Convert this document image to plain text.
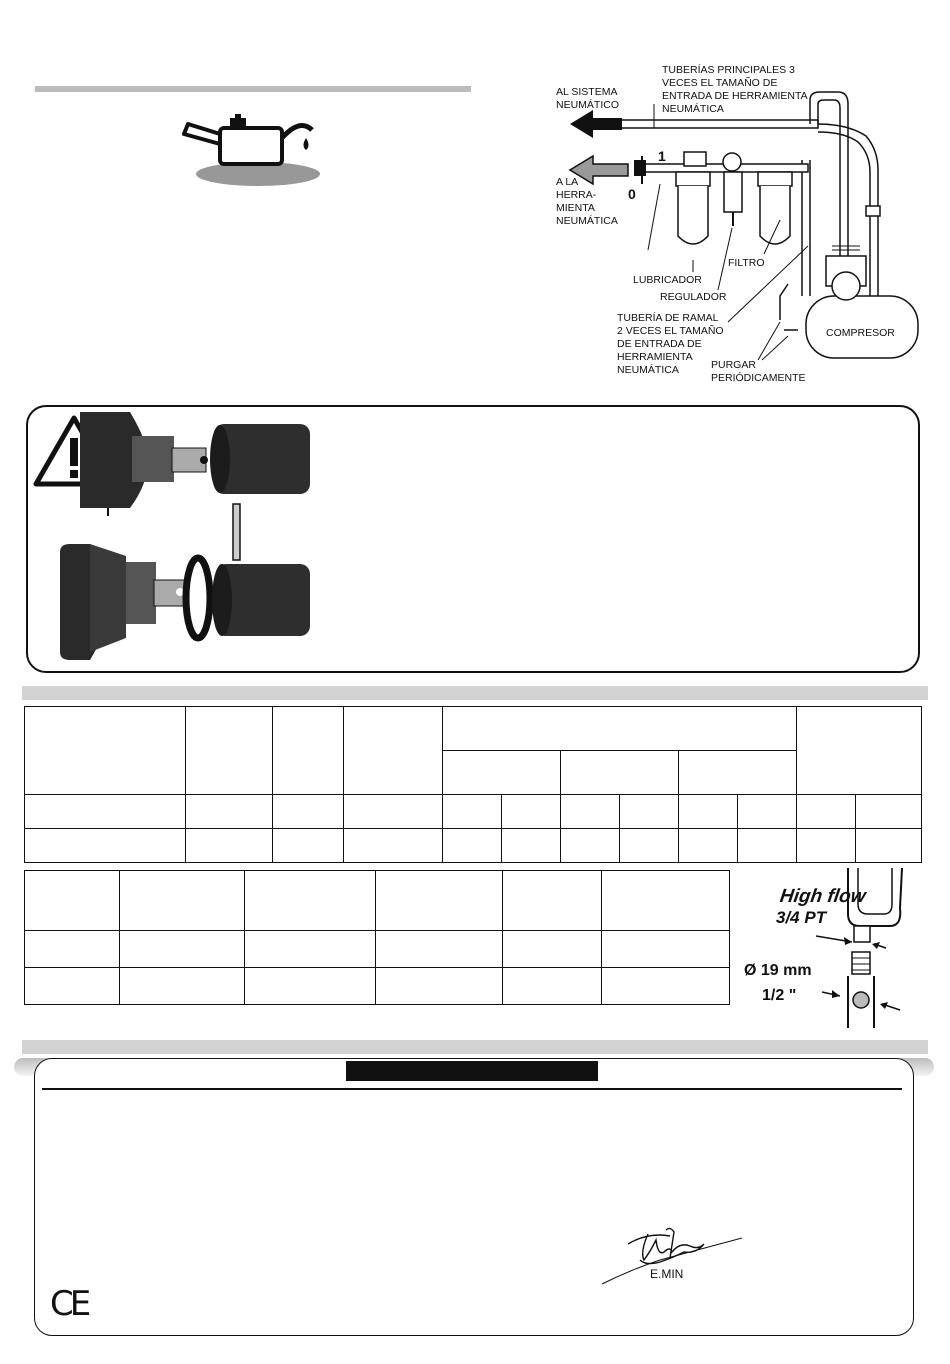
TUBERÍAS PRINCIPALES 3
VECES EL TAMAÑO DE
ENTRADA DE HERRAMIENTA
NEUMÁTICA
AL SISTEMA
NEUMÁTICO
A LA
HERRA-
MIENTA
NEUMÁTICA
1
0
LUBRICADOR
FILTRO
REGULADOR
TUBERÍA DE RAMAL
2 VECES EL TAMAÑO
DE ENTRADA DE
HERRAMIENTA
NEUMÁTICA
COMPRESOR
PURGAR
PERIÓDICAMENTE

High flow
3/4 PT
Ø 19 mm
1/2 "
E.MIN
CE
